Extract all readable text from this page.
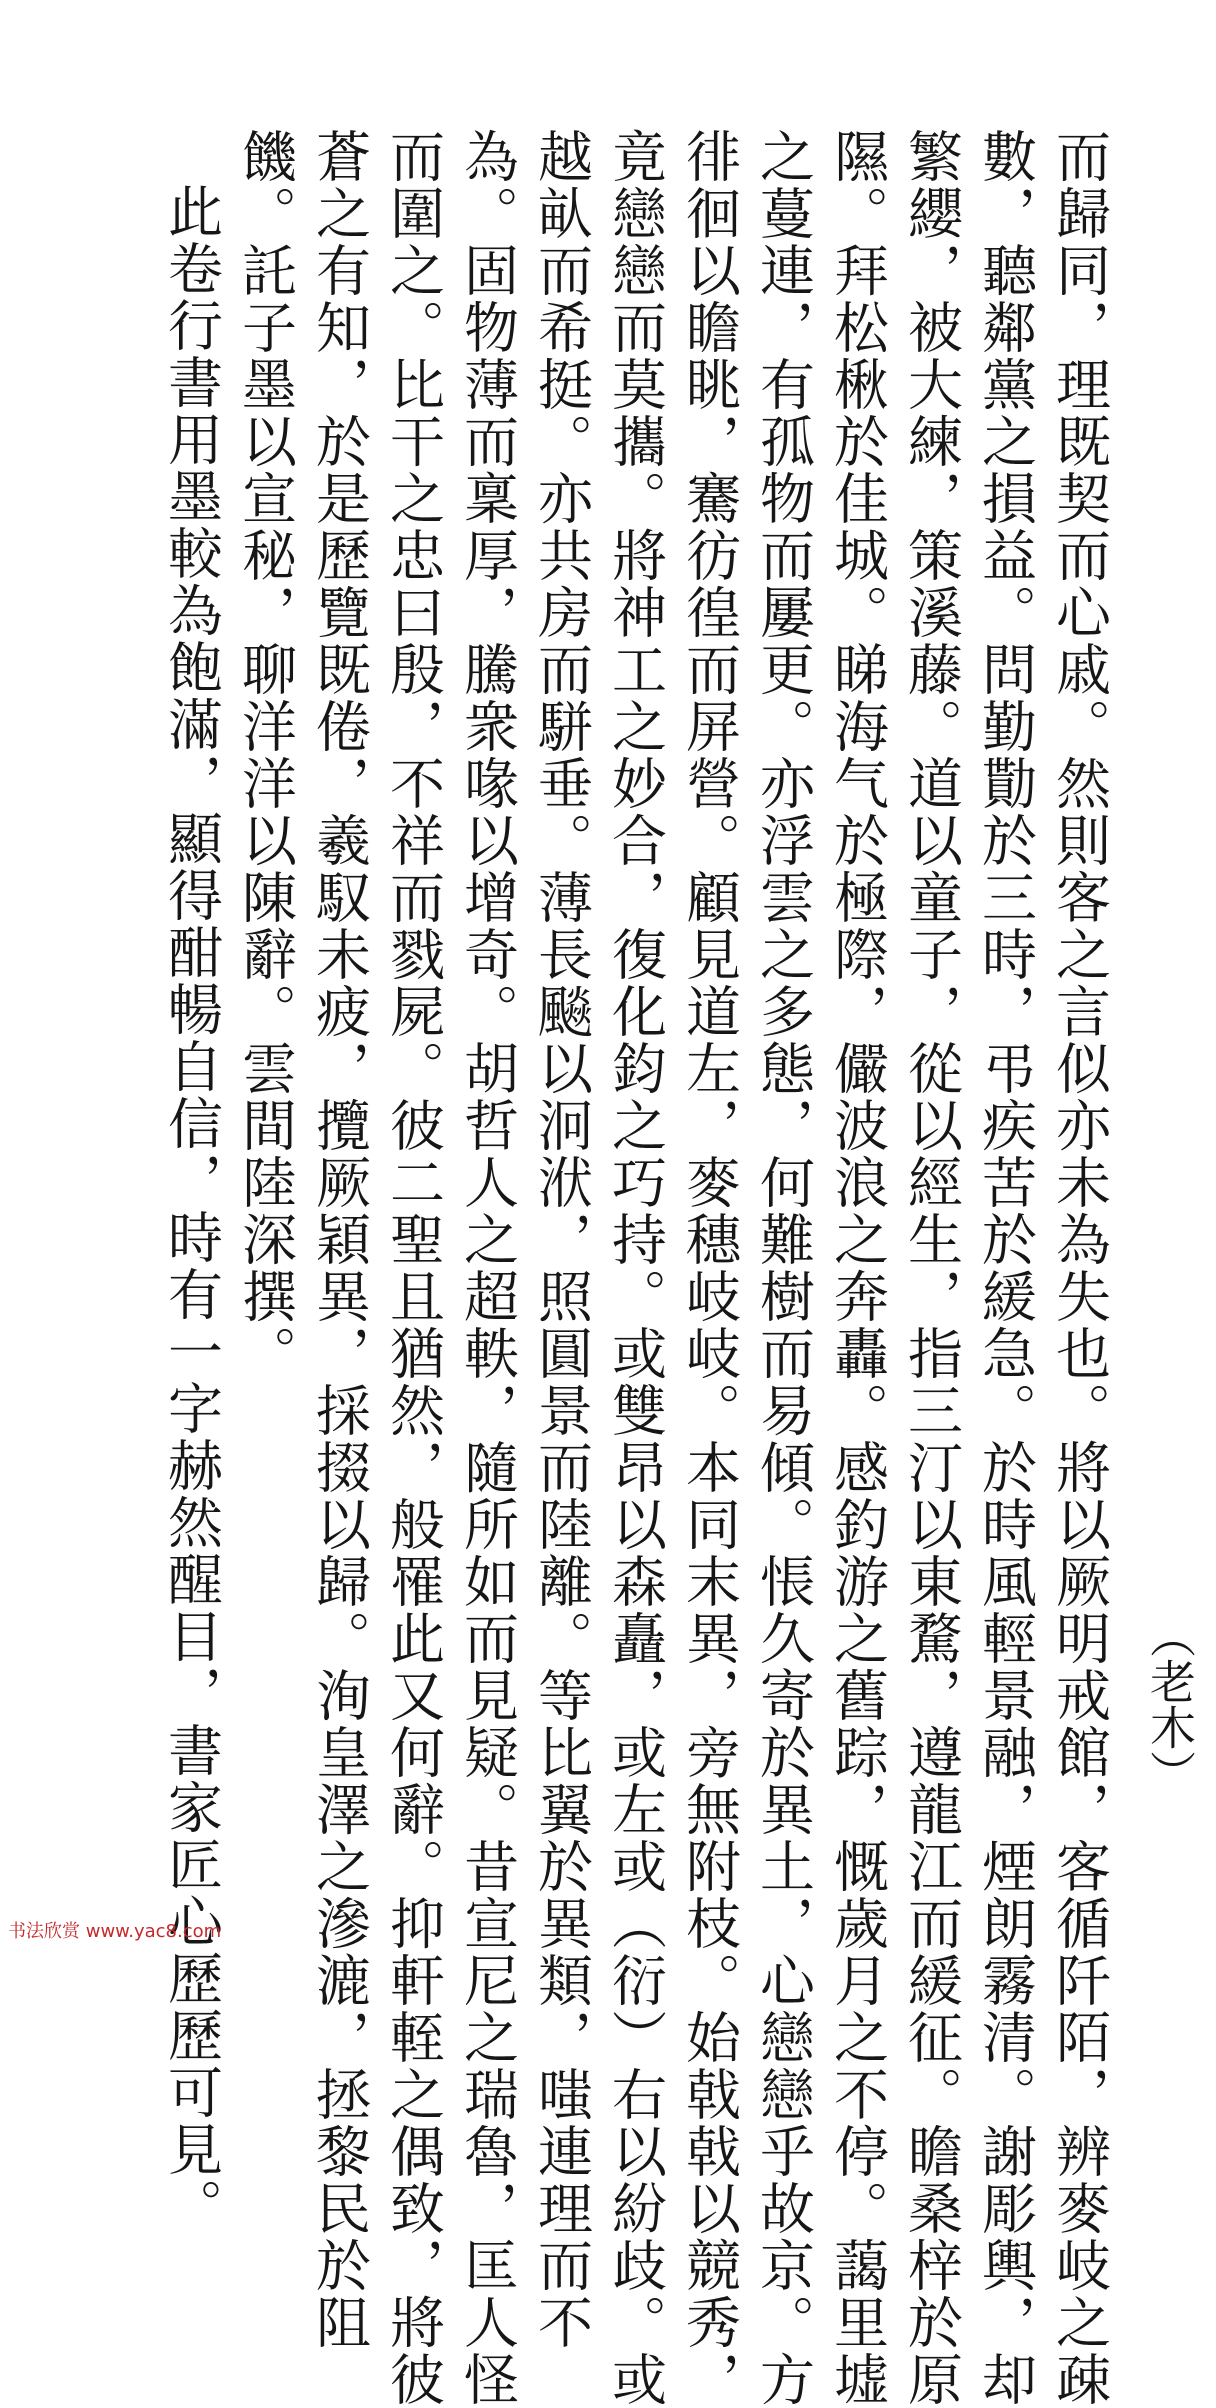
而歸同，理既契而心戚。然則客之言似亦未為失也。將以厥明戒館，客循阡陌，辨麥岐之疎
數，聽鄰黨之損益。問勤勩於三時，弔疾苦於緩急。於時風輕景融，煙朗霧清。謝彫輿，却
繁纓，被大練，策溪藤。道以童子，從以經生，指三汀以東騖，遵龍江而緩征。瞻桑梓於原
隰。拜松楸於佳城。睇海气於極際，儼波浪之奔轟。感釣游之舊踪，慨歲月之不停。藹里墟
之蔓連，有孤物而屢更。亦浮雲之多態，何難樹而易傾。悵久寄於異土，心戀戀乎故京。方
徘徊以瞻眺，騫彷徨而屏營。顧見道左，麥穗岐岐。本同末異，旁無附枝。始戟戟以競秀，
竟戀戀而莫攜。將神工之妙合，復化鈞之巧持。或雙昂以森矗，或左或（衍）右以紛歧。或
越畒而希挺。亦共房而駢垂。薄長飈以泂洑，照圓景而陸離。等比翼於異類，嗤連理而不
為。固物薄而稟厚，騰衆喙以增奇。胡哲人之超軼，隨所如而見疑。昔宣尼之瑞魯，匡人怪
而圍之。比干之忠曰殷，不祥而戮屍。彼二聖且猶然，般罹此又何辭。抑軒輊之偶致，將彼
蒼之有知，於是歷覽既倦，羲馭未疲，攬厥穎異，採掇以歸。洵皇澤之滲漉，拯黎民於阻
饑。託子墨以宣秘，聊洋洋以陳辭。雲間陸深撰。
此卷行書用墨較為飽滿，顯得酣暢自信，時有一字赫然醒目，書家匠心歷歷可見。	（老木）
书法欣赏 www.yac8.com
